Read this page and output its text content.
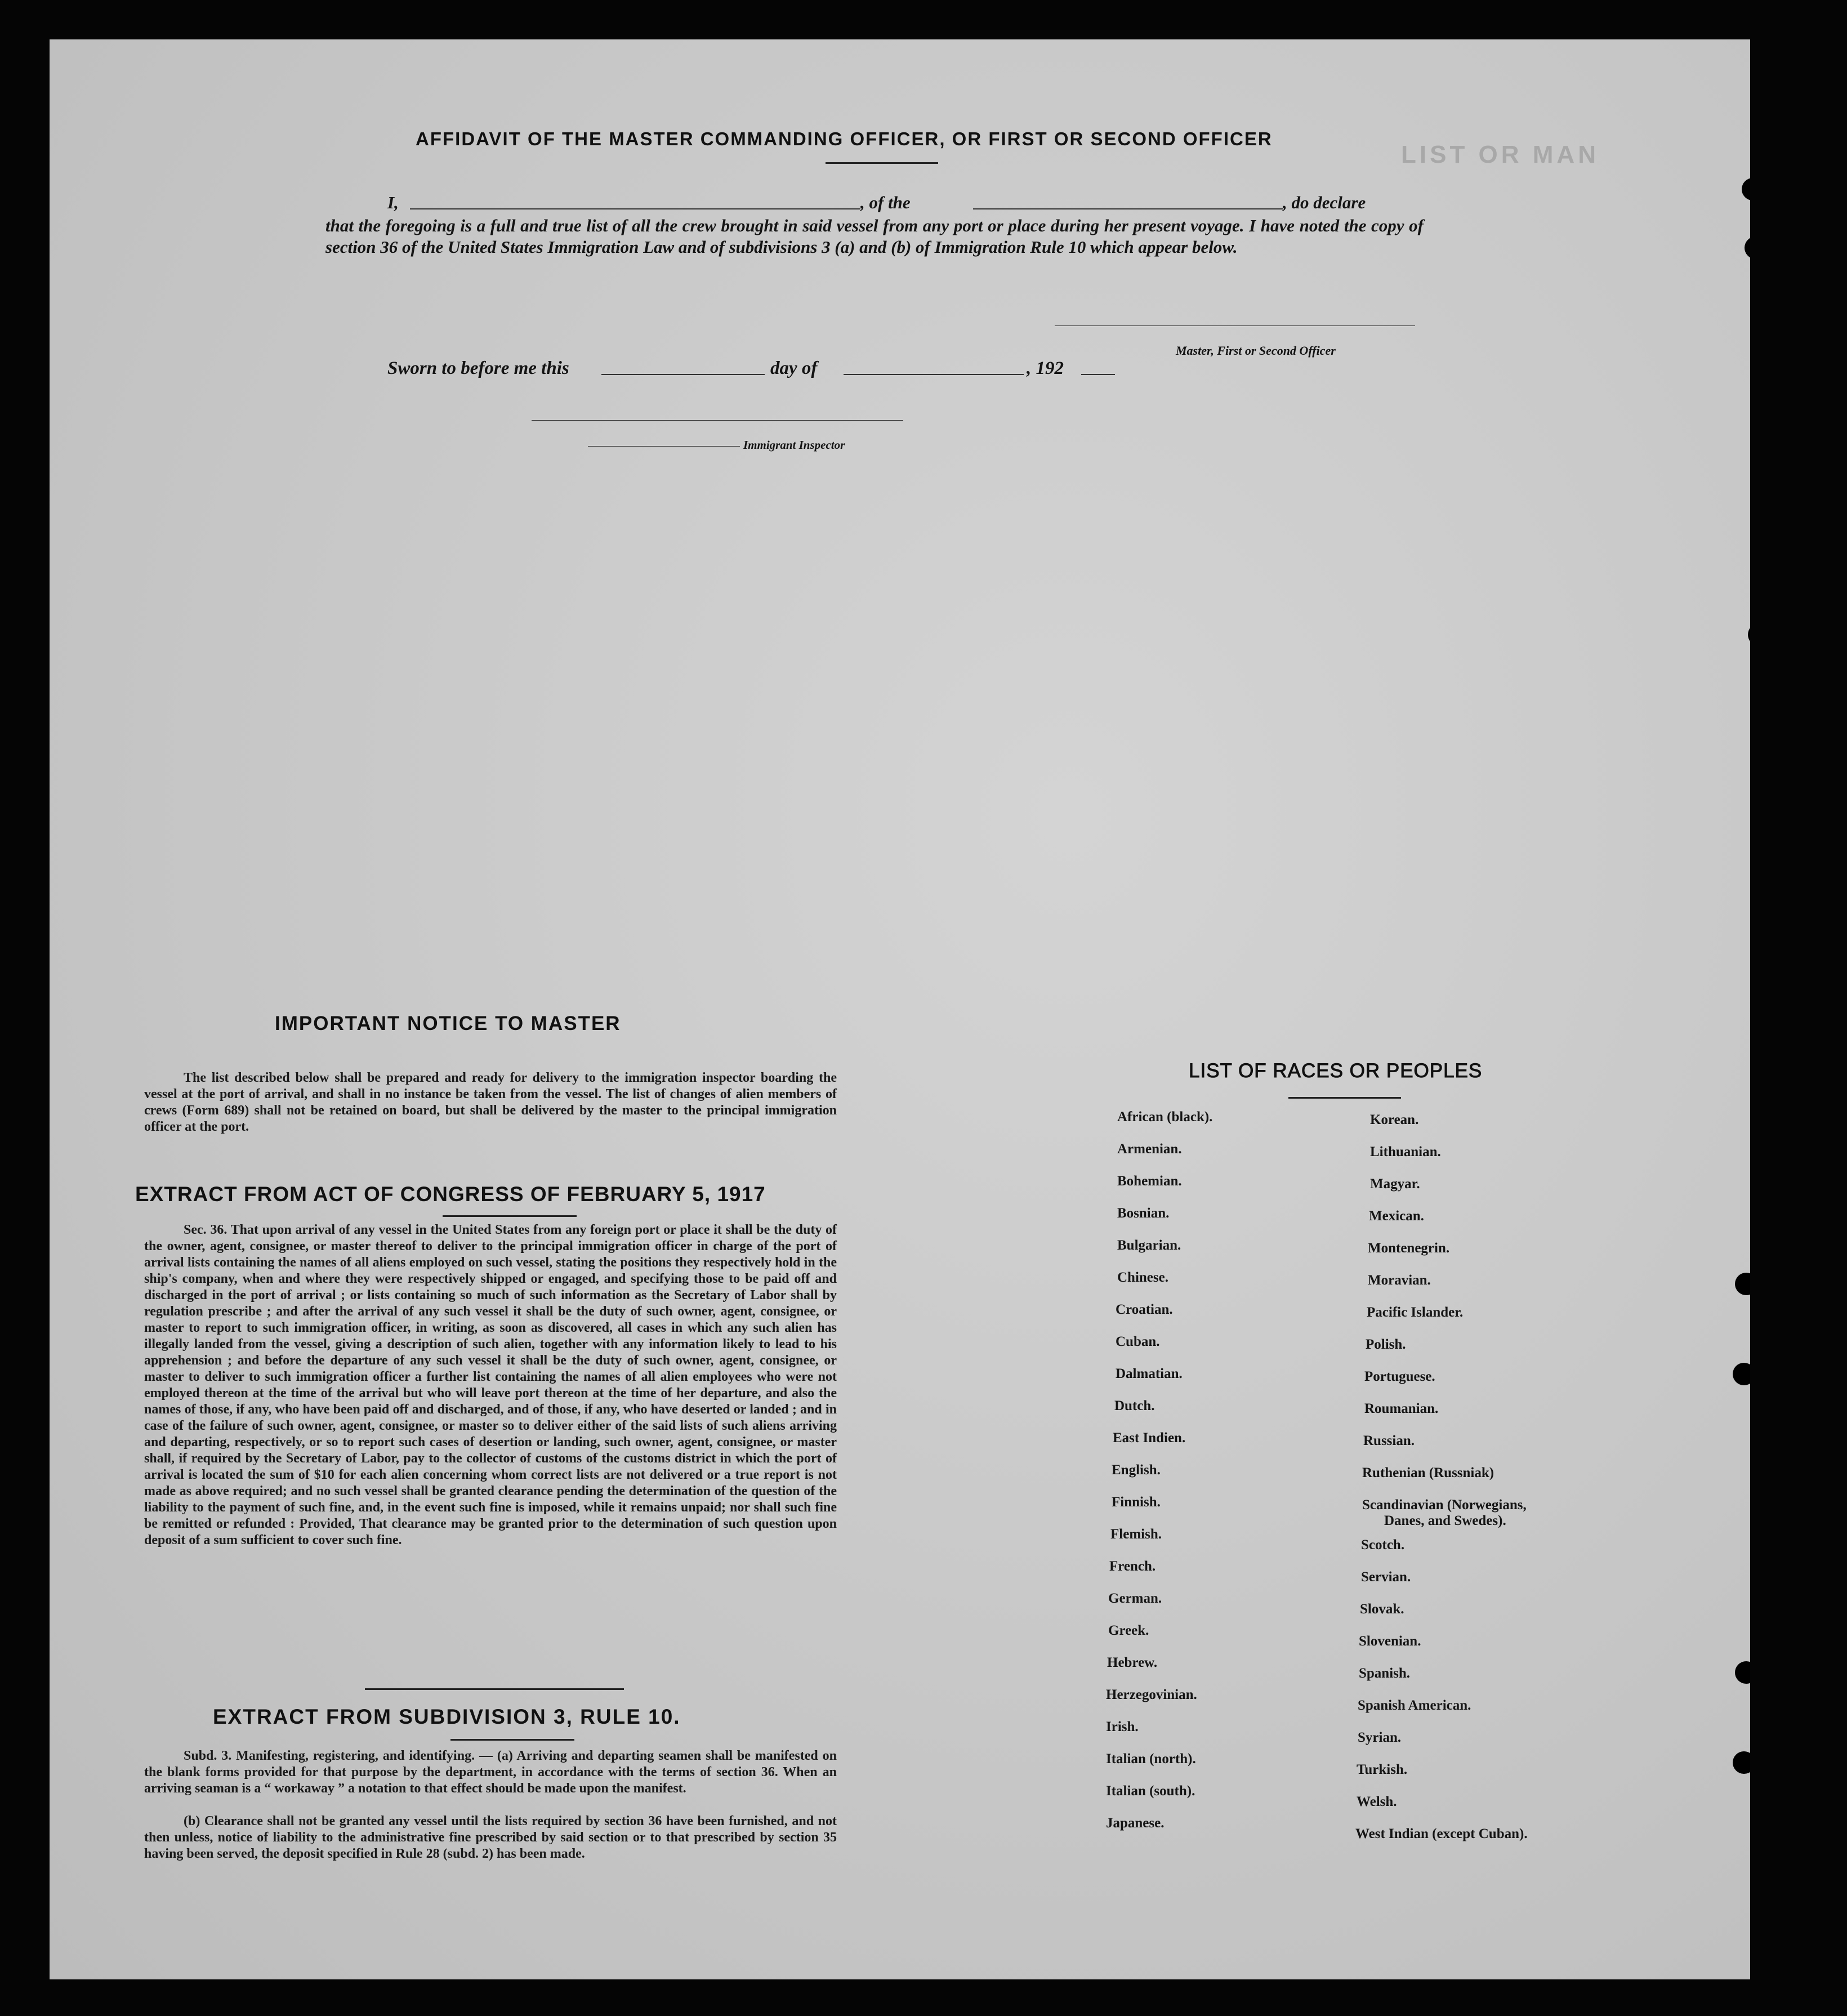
LIST OR MAN
AFFIDAVIT OF THE MASTER COMMANDING OFFICER, OR FIRST OR SECOND OFFICER
I,	, of the	, do declare
that the foregoing is a full and true list of all the crew brought in said vessel from any port or place during her present voyage. I have noted the copy of section 36 of the United States Immigration Law and of subdivisions 3 (a) and (b) of Immigration Rule 10 which appear below.
Master, First or Second Officer
Sworn to before me this	day of	, 192
Immigrant Inspector
IMPORTANT NOTICE TO MASTER
The list described below shall be prepared and ready for delivery to the immigration inspector boarding the vessel at the port of arrival, and shall in no instance be taken from the vessel. The list of changes of alien members of crews (Form 689) shall not be retained on board, but shall be delivered by the master to the principal immigration officer at the port.
EXTRACT FROM ACT OF CONGRESS OF FEBRUARY 5, 1917
Sec. 36. That upon arrival of any vessel in the United States from any foreign port or place it shall be the duty of the owner, agent, consignee, or master thereof to deliver to the principal immigration officer in charge of the port of arrival lists containing the names of all aliens employed on such vessel, stating the positions they respectively hold in the ship's company, when and where they were respectively shipped or engaged, and specifying those to be paid off and discharged in the port of arrival ; or lists containing so much of such information as the Secretary of Labor shall by regulation prescribe ; and after the arrival of any such vessel it shall be the duty of such owner, agent, consignee, or master to report to such immigration officer, in writing, as soon as discovered, all cases in which any such alien has illegally landed from the vessel, giving a description of such alien, together with any information likely to lead to his apprehension ; and before the departure of any such vessel it shall be the duty of such owner, agent, consignee, or master to deliver to such immigration officer a further list containing the names of all alien employees who were not employed thereon at the time of the arrival but who will leave port thereon at the time of her departure, and also the names of those, if any, who have been paid off and discharged, and of those, if any, who have deserted or landed ; and in case of the failure of such owner, agent, consignee, or master so to deliver either of the said lists of such aliens arriving and departing, respectively, or so to report such cases of desertion or landing, such owner, agent, consignee, or master shall, if required by the Secretary of Labor, pay to the collector of customs of the customs district in which the port of arrival is located the sum of $10 for each alien concerning whom correct lists are not delivered or a true report is not made as above required; and no such vessel shall be granted clearance pending the determination of the question of the liability to the payment of such fine, and, in the event such fine is imposed, while it remains unpaid; nor shall such fine be remitted or refunded : Provided, That clearance may be granted prior to the determination of such question upon deposit of a sum sufficient to cover such fine.
EXTRACT FROM SUBDIVISION 3, RULE 10.
Subd. 3. Manifesting, registering, and identifying. — (a) Arriving and departing seamen shall be manifested on the blank forms provided for that purpose by the department, in accordance with the terms of section 36. When an arriving seaman is a “ workaway ” a notation to that effect should be made upon the manifest.
(b) Clearance shall not be granted any vessel until the lists required by section 36 have been furnished, and not then unless, notice of liability to the administrative fine prescribed by said section or to that prescribed by section 35 having been served, the deposit specified in Rule 28 (subd. 2) has been made.
LIST OF RACES OR PEOPLES
African (black).
Armenian.
Bohemian.
Bosnian.
Bulgarian.
Chinese.
Croatian.
Cuban.
Dalmatian.
Dutch.
East Indien.
English.
Finnish.
Flemish.
French.
German.
Greek.
Hebrew.
Herzegovinian.
Irish.
Italian (north).
Italian (south).
Japanese.
Korean.
Lithuanian.
Magyar.
Mexican.
Montenegrin.
Moravian.
Pacific Islander.
Polish.
Portuguese.
Roumanian.
Russian.
Ruthenian (Russniak)
Scandinavian (Norwegians,
Danes, and Swedes).
Scotch.
Servian.
Slovak.
Slovenian.
Spanish.
Spanish American.
Syrian.
Turkish.
Welsh.
West Indian (except Cuban).
